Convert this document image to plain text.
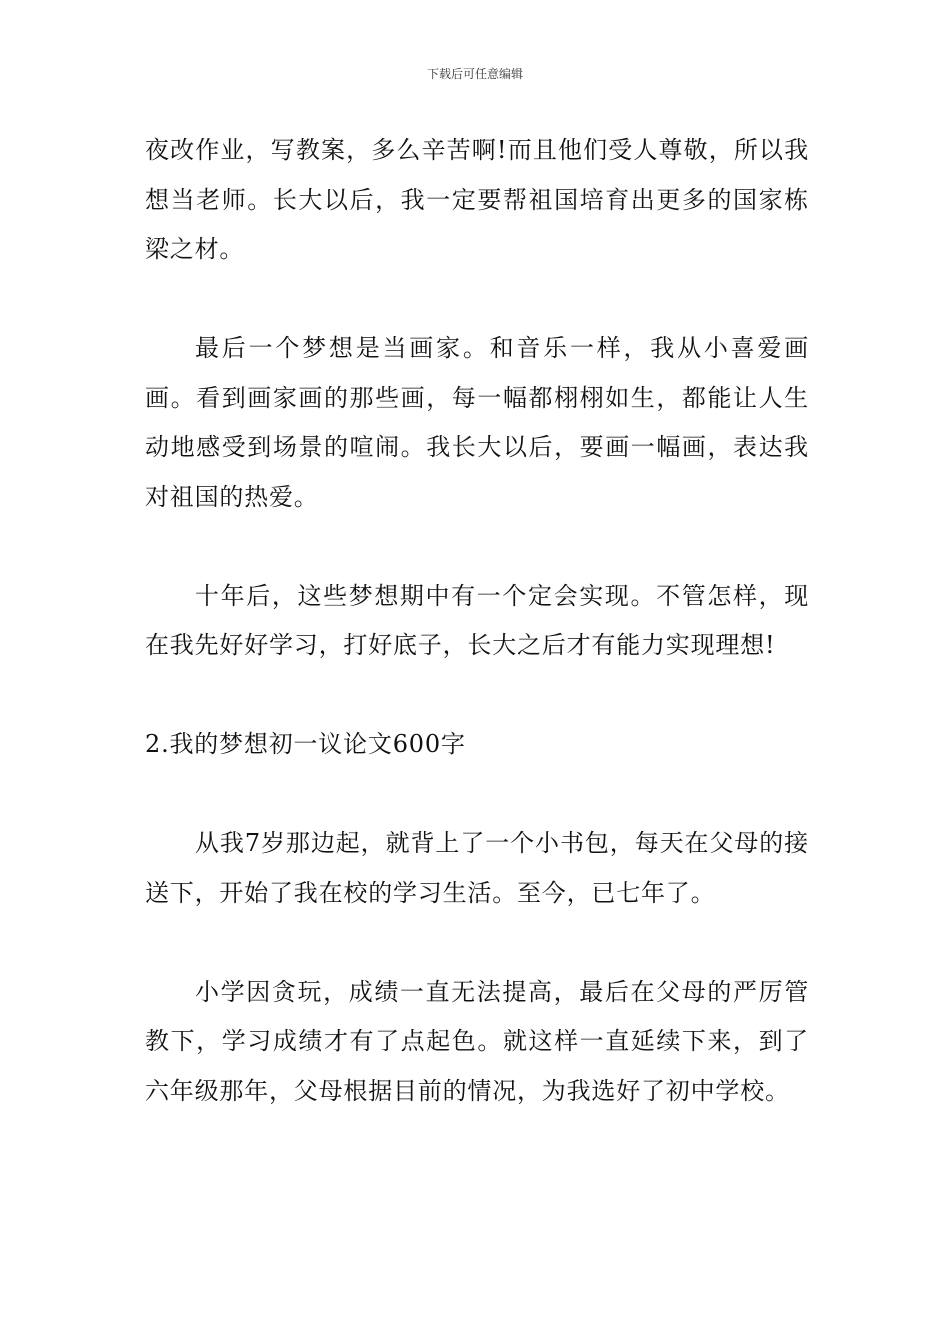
下载后可任意编辑

夜改作业，写教案，多么辛苦啊!而且他们受人尊敬，所以我想当老师。长大以后，我一定要帮祖国培育出更多的国家栋梁之材。

最后一个梦想是当画家。和音乐一样，我从小喜爱画画。看到画家画的那些画，每一幅都栩栩如生，都能让人生动地感受到场景的喧闹。我长大以后，要画一幅画，表达我对祖国的热爱。

十年后，这些梦想期中有一个定会实现。不管怎样，现在我先好好学习，打好底子，长大之后才有能力实现理想!

2.我的梦想初一议论文600字

从我7岁那边起，就背上了一个小书包，每天在父母的接送下，开始了我在校的学习生活。至今，已七年了。

小学因贪玩，成绩一直无法提高，最后在父母的严厉管教下，学习成绩才有了点起色。就这样一直延续下来，到了六年级那年，父母根据目前的情况，为我选好了初中学校。
